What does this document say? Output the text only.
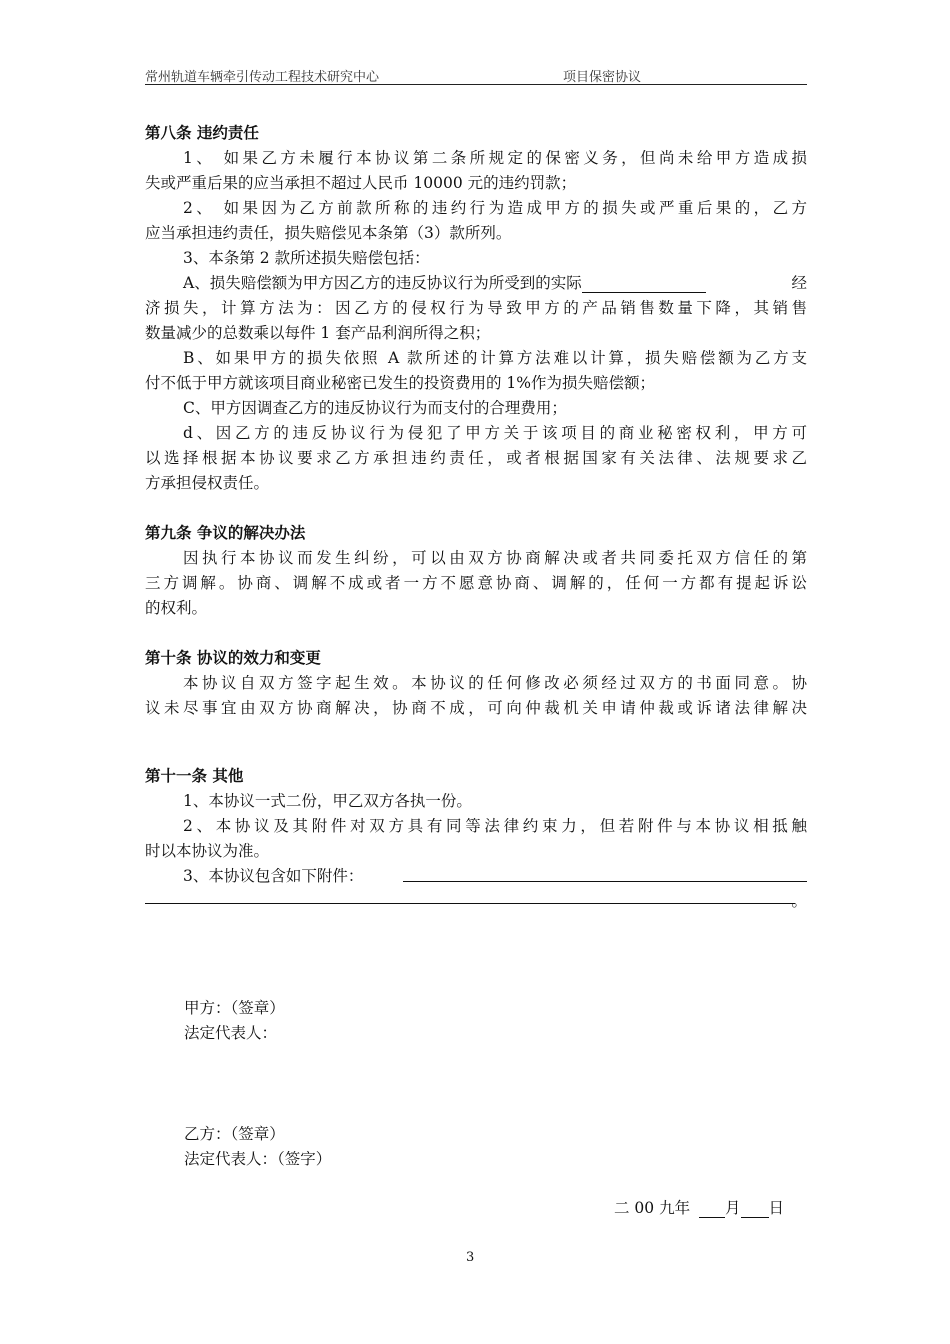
常州轨道车辆牵引传动工程技术研究中心	项目保密协议
第八条 违约责任
1、 如果乙方未履行本协议第二条所规定的保密义务，但尚未给甲方造成损
失或严重后果的应当承担不超过人民币 10000 元的违约罚款；
2、 如果因为乙方前款所称的违约行为造成甲方的损失或严重后果的，乙方
应当承担违约责任，损失赔偿见本条第（3）款所列。
3、本条第 2 款所述损失赔偿包括：
A、损失赔偿额为甲方因乙方的违反协议行为所受到的实际	经
济损失，计算方法为：因乙方的侵权行为导致甲方的产品销售数量下降，其销售
数量减少的总数乘以每件 1 套产品利润所得之积；
B、如果甲方的损失依照 A 款所述的计算方法难以计算，损失赔偿额为乙方支
付不低于甲方就该项目商业秘密已发生的投资费用的 1%作为损失赔偿额；
C、甲方因调查乙方的违反协议行为而支付的合理费用；
d、因乙方的违反协议行为侵犯了甲方关于该项目的商业秘密权利，甲方可
以选择根据本协议要求乙方承担违约责任，或者根据国家有关法律、法规要求乙
方承担侵权责任。
第九条 争议的解决办法
因执行本协议而发生纠纷，可以由双方协商解决或者共同委托双方信任的第
三方调解。协商、调解不成或者一方不愿意协商、调解的，任何一方都有提起诉讼
的权利。
第十条 协议的效力和变更
本协议自双方签字起生效。本协议的任何修改必须经过双方的书面同意。协
议未尽事宜由双方协商解决，协商不成，可向仲裁机关申请仲裁或诉诸法律解决
第十一条 其他
1、本协议一式二份，甲乙双方各执一份。
2、本协议及其附件对双方具有同等法律约束力，但若附件与本协议相抵触
时以本协议为准。
3、本协议包含如下附件：
。
甲方：（签章）
法定代表人：
乙方：（签章）
法定代表人：（签字）
二 00 九年 月 日
3
